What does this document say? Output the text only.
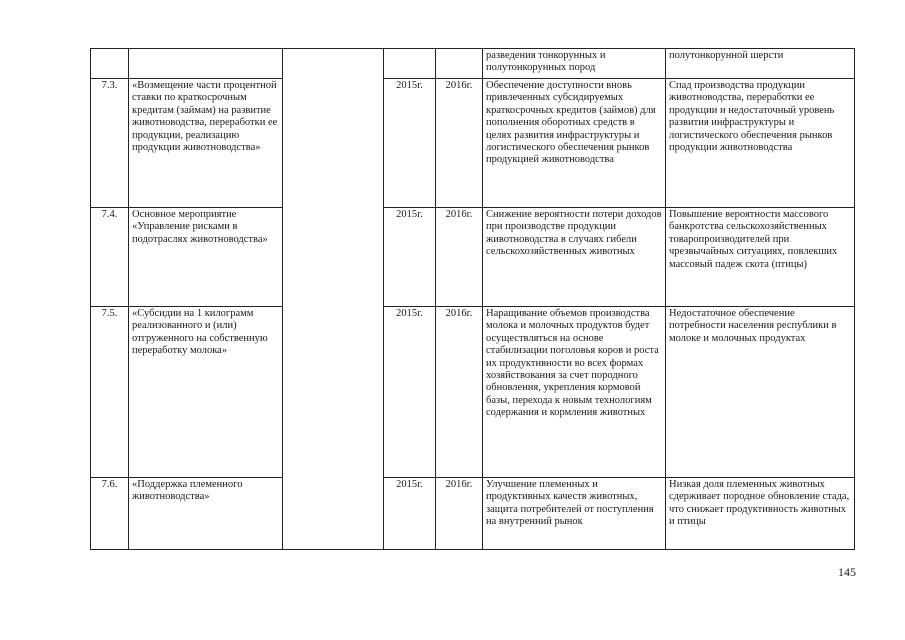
					разведения тонкорунных и полутонкорунных пород	полутонкорунной шерсти
7.3.	«Возмещение части процентной ставки по краткосрочным кредитам (займам) на развитие животноводства, переработки ее продукции, реализацию продукции животноводства»		2015г.	2016г.	Обеспечение доступности вновь привлеченных субсидируемых краткосрочных кредитов (займов) для пополнения оборотных средств в целях развития инфраструктуры и логистического обеспечения рынков продукцией животноводства	Спад производства продукции животноводства, переработки ее продукции и недостаточный уровень развития инфраструктуры и логистического обеспечения рынков продукции животноводства
7.4.	Основное мероприятие «Управление рисками в подотраслях животноводства»		2015г.	2016г.	Снижение вероятности потери доходов при производстве продукции животноводства в случаях гибели сельскохозяйственных животных	Повышение вероятности массового банкротства сельскохозяйственных товаропроизводителей при чрезвычайных ситуациях, повлекших массовый падеж скота (птицы)
7.5.	«Субсидии на 1 килограмм реализованного и (или) отгруженного на собственную переработку молока»		2015г.	2016г.	Наращивание объемов производства молока и молочных продуктов будет осуществляться на основе стабилизации поголовья коров и роста их продуктивности во всех формах хозяйствования за счет породного обновления, укрепления кормовой базы, перехода к новым технологиям содержания и кормления животных	Недостаточное обеспечение потребности населения республики в молоке и молочных продуктах
7.6.	«Поддержка племенного животноводства»		2015г.	2016г.	Улучшение племенных и продуктивных качеств животных, защита потребителей от поступления на внутренний рынок	Низкая доля племенных животных сдерживает породное обновление стада, что снижает продуктивность животных и птицы
145
